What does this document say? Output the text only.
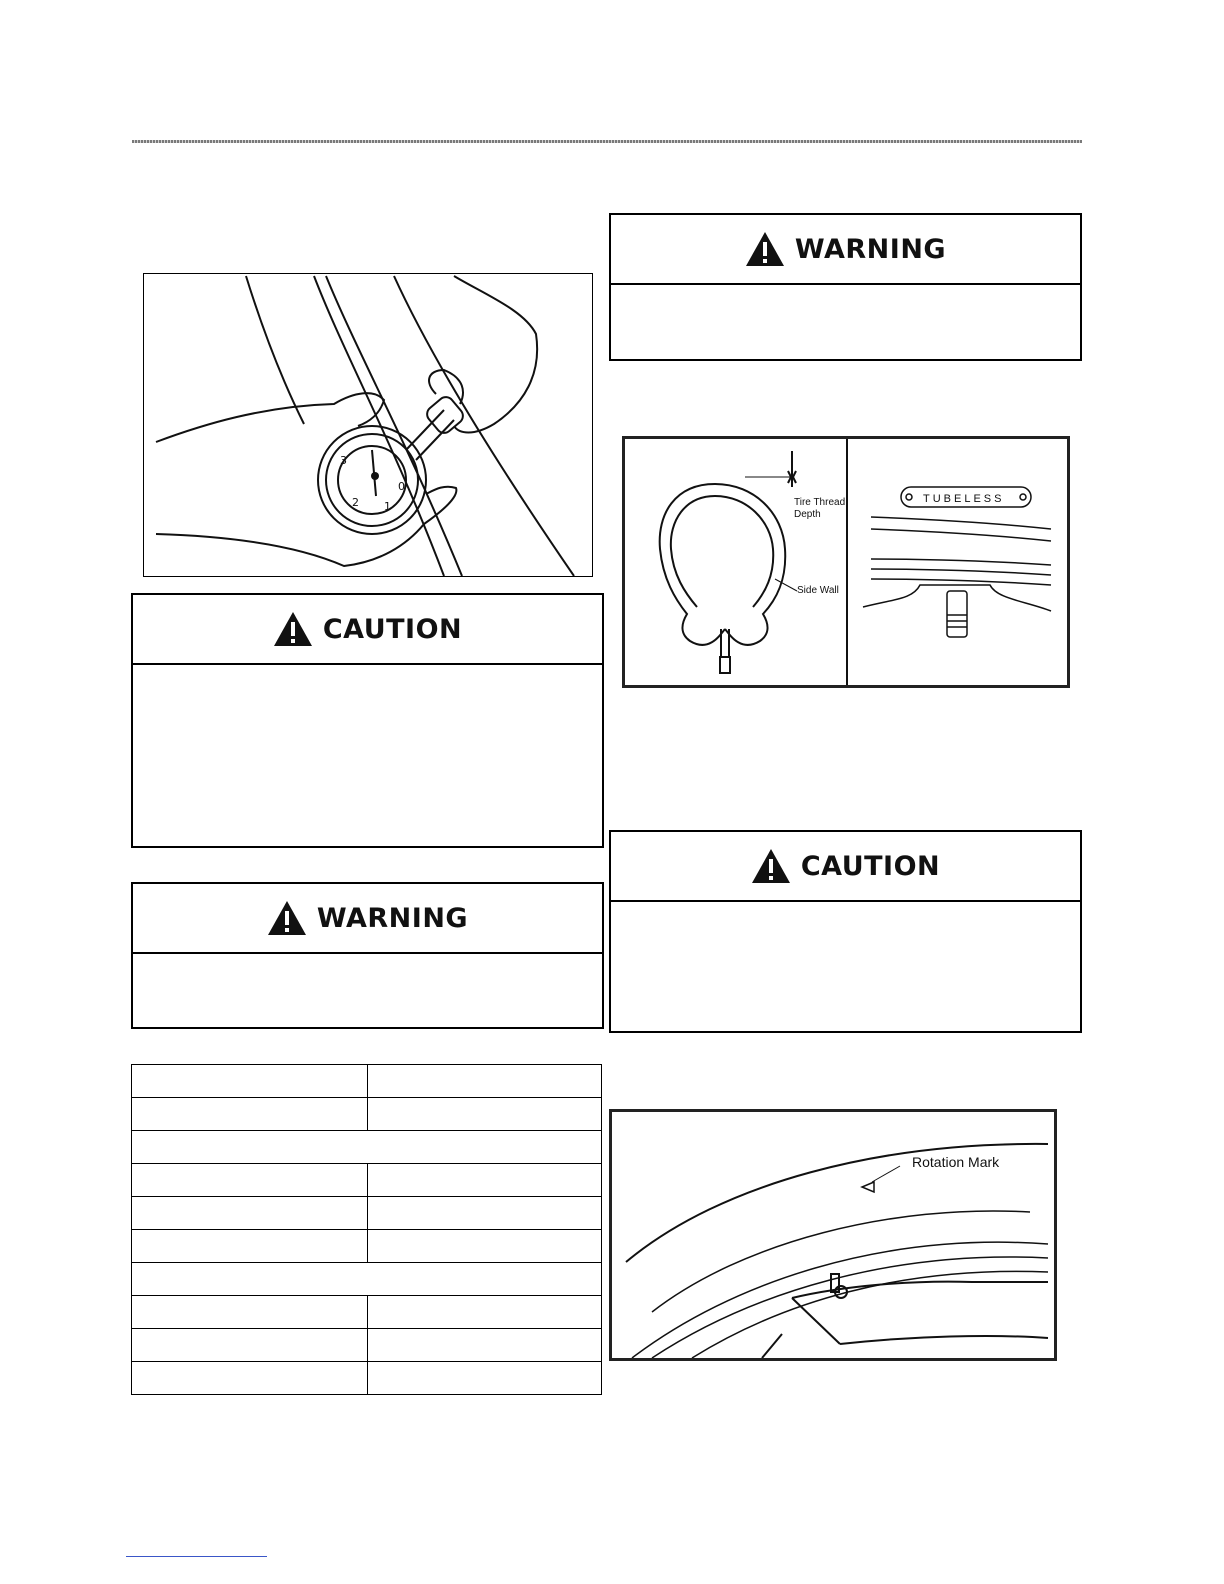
3
2 1
0
CAUTION
WARNING

WARNING
Tire Thread
Depth
Side Wall
TUBELESS
CAUTION
Rotation Mark
